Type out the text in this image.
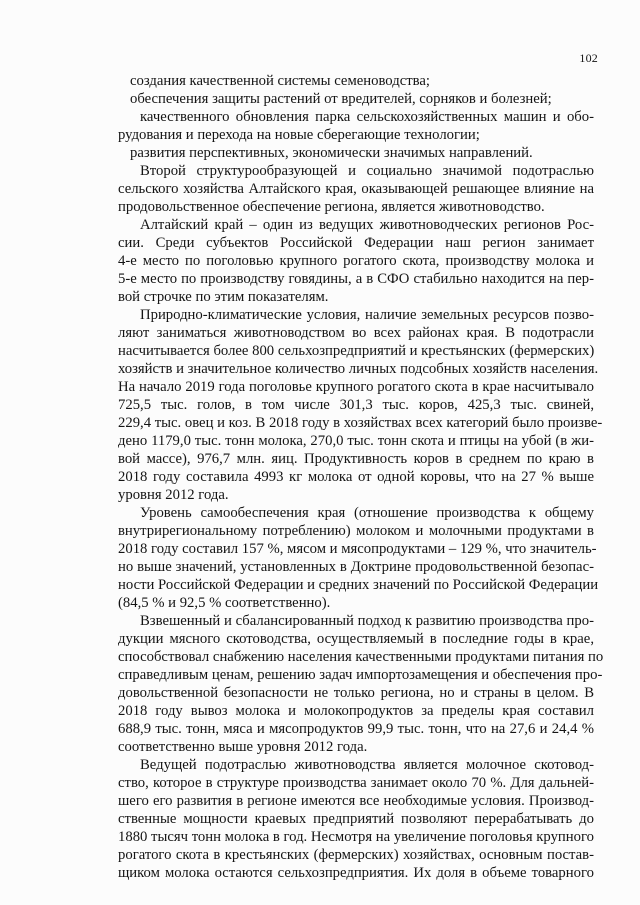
102
создания качественной системы семеноводства;
обеспечения защиты растений от вредителей, сорняков и болезней;
качественного обновления парка сельскохозяйственных машин и обо-
рудования и перехода на новые сберегающие технологии;
развития перспективных, экономически значимых направлений.
Второй структурообразующей и социально значимой подотраслью
сельского хозяйства Алтайского края, оказывающей решающее влияние на
продовольственное обеспечение региона, является животноводство.
Алтайский край – один из ведущих животноводческих регионов Рос-
сии. Среди субъектов Российской Федерации наш регион занимает
4-е место по поголовью крупного рогатого скота, производству молока и
5-е место по производству говядины, а в СФО стабильно находится на пер-
вой строчке по этим показателям.
Природно-климатические условия, наличие земельных ресурсов позво-
ляют заниматься животноводством во всех районах края. В подотрасли
насчитывается более 800 сельхозпредприятий и крестьянских (фермерских)
хозяйств и значительное количество личных подсобных хозяйств населения.
На начало 2019 года поголовье крупного рогатого скота в крае насчитывало
725,5 тыс. голов, в том числе 301,3 тыс. коров, 425,3 тыс. свиней,
229,4 тыс. овец и коз. В 2018 году в хозяйствах всех категорий было произве-
дено 1179,0 тыс. тонн молока, 270,0 тыс. тонн скота и птицы на убой (в жи-
вой массе), 976,7 млн. яиц. Продуктивность коров в среднем по краю в
2018 году составила 4993 кг молока от одной коровы, что на 27 % выше
уровня 2012 года.
Уровень самообеспечения края (отношение производства к общему
внутрирегиональному потреблению) молоком и молочными продуктами в
2018 году составил 157 %, мясом и мясопродуктами – 129 %, что значитель-
но выше значений, установленных в Доктрине продовольственной безопас-
ности Российской Федерации и средних значений по Российской Федерации
(84,5 % и 92,5 % соответственно).
Взвешенный и сбалансированный подход к развитию производства про-
дукции мясного скотоводства, осуществляемый в последние годы в крае,
способствовал снабжению населения качественными продуктами питания по
справедливым ценам, решению задач импортозамещения и обеспечения про-
довольственной безопасности не только региона, но и страны в целом. В
2018 году вывоз молока и молокопродуктов за пределы края составил
688,9 тыс. тонн, мяса и мясопродуктов 99,9 тыс. тонн, что на 27,6 и 24,4 %
соответственно выше уровня 2012 года.
Ведущей подотраслью животноводства является молочное скотовод-
ство, которое в структуре производства занимает около 70 %. Для дальней-
шего его развития в регионе имеются все необходимые условия. Производ-
ственные мощности краевых предприятий позволяют перерабатывать до
1880 тысяч тонн молока в год. Несмотря на увеличение поголовья крупного
рогатого скота в крестьянских (фермерских) хозяйствах, основным постав-
щиком молока остаются сельхозпредприятия. Их доля в объеме товарного
